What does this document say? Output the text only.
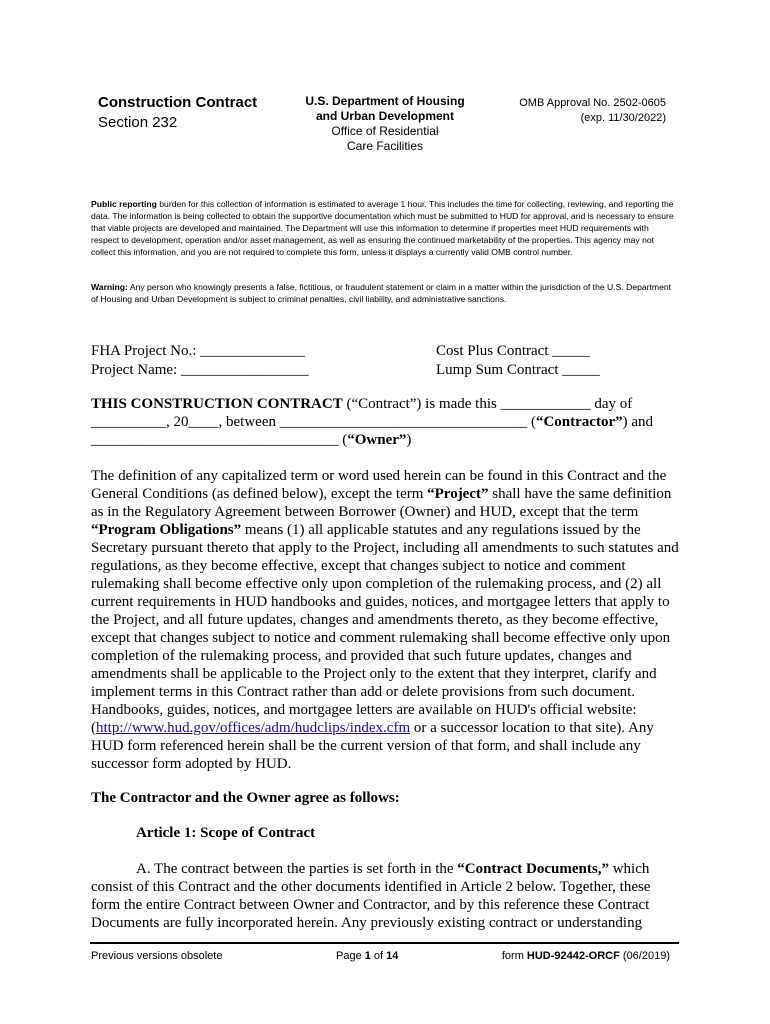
Construction Contract
Section 232
U.S. Department of Housing
and Urban Development
Office of Residential
Care Facilities
OMB Approval No. 2502-0605
(exp. 11/30/2022)
Public reporting burden for this collection of information is estimated to average 1 hour. This includes the time for collecting, reviewing, and reporting the data. The information is being collected to obtain the supportive documentation which must be submitted to HUD for approval, and is necessary to ensure that viable projects are developed and maintained. The Department will use this information to determine if properties meet HUD requirements with respect to development, operation and/or asset management, as well as ensuring the continued marketability of the properties. This agency may not collect this information, and you are not required to complete this form, unless it displays a currently valid OMB control number.
Warning: Any person who knowingly presents a false, fictitious, or fraudulent statement or claim in a matter within the jurisdiction of the U.S. Department of Housing and Urban Development is subject to criminal penalties, civil liability, and administrative sanctions.
FHA Project No.: ______________
Project Name: _________________
Cost Plus Contract _____
Lump Sum Contract _____
THIS CONSTRUCTION CONTRACT (“Contract”) is made this ____________ day of __________, 20____, between _________________________________ (“Contractor”) and _________________________________ (“Owner”)
The definition of any capitalized term or word used herein can be found in this Contract and the General Conditions (as defined below), except the term “Project” shall have the same definition as in the Regulatory Agreement between Borrower (Owner) and HUD, except that the term “Program Obligations” means (1) all applicable statutes and any regulations issued by the Secretary pursuant thereto that apply to the Project, including all amendments to such statutes and regulations, as they become effective, except that changes subject to notice and comment rulemaking shall become effective only upon completion of the rulemaking process, and (2) all current requirements in HUD handbooks and guides, notices, and mortgagee letters that apply to the Project, and all future updates, changes and amendments thereto, as they become effective, except that changes subject to notice and comment rulemaking shall become effective only upon completion of the rulemaking process, and provided that such future updates, changes and amendments shall be applicable to the Project only to the extent that they interpret, clarify and implement terms in this Contract rather than add or delete provisions from such document. Handbooks, guides, notices, and mortgagee letters are available on HUD's official website: (http://www.hud.gov/offices/adm/hudclips/index.cfm or a successor location to that site). Any HUD form referenced herein shall be the current version of that form, and shall include any successor form adopted by HUD.
The Contractor and the Owner agree as follows:
Article 1: Scope of Contract
A. The contract between the parties is set forth in the “Contract Documents,” which consist of this Contract and the other documents identified in Article 2 below. Together, these form the entire Contract between Owner and Contractor, and by this reference these Contract Documents are fully incorporated herein. Any previously existing contract or understanding
Previous versions obsolete	Page 1 of 14	form HUD-92442-ORCF (06/2019)
